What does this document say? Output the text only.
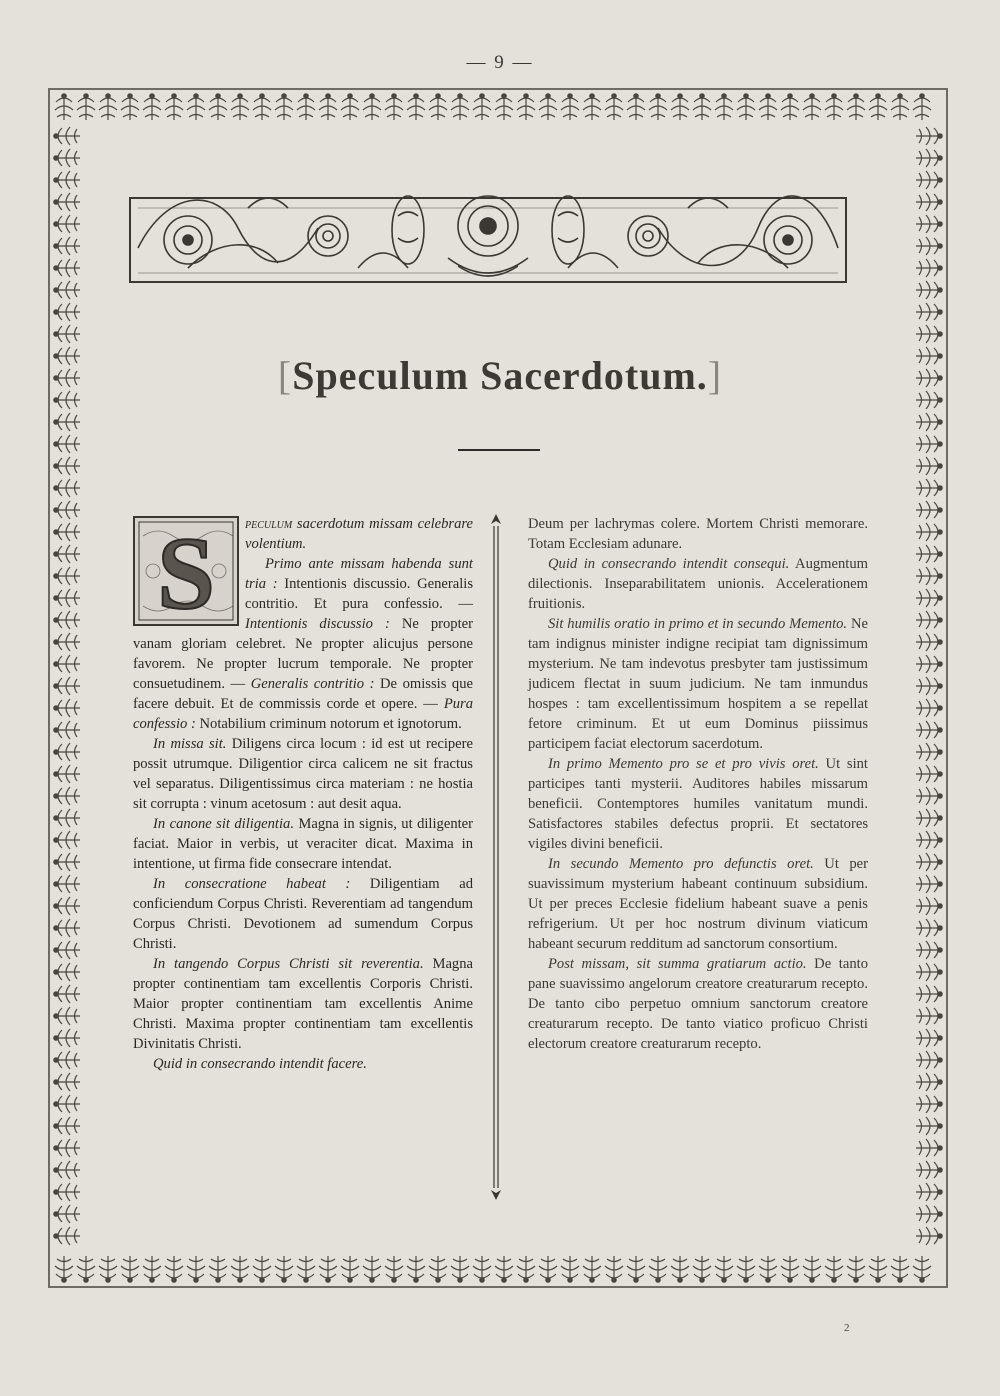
— 9 —
[Speculum Sacerdotum.]
S	peculum sacerdotum missam celebrare volentium.

Primo ante missam habenda sunt tria : Intentionis discussio. Generalis contritio. Et pura confessio. — Intentionis discussio : Ne propter vanam gloriam celebret. Ne propter alicujus persone favorem. Ne propter lucrum temporale. Ne propter consuetudinem. — Generalis contritio : De omissis que facere debuit. Et de commissis corde et opere. — Pura confessio : Notabilium criminum notorum et ignotorum.

In missa sit. Diligens circa locum : id est ut recipere possit utrumque. Diligentior circa calicem ne sit fractus vel separatus. Diligentissimus circa materiam : ne hostia sit corrupta : vinum acetosum : aut desit aqua.

In canone sit diligentia. Magna in signis, ut diligenter faciat. Maior in verbis, ut veraciter dicat. Maxima in intentione, ut firma fide consecrare intendat.

In consecratione habeat : Diligentiam ad conficiendum Corpus Christi. Reverentiam ad tangendum Corpus Christi. Devotionem ad sumendum Corpus Christi.

In tangendo Corpus Christi sit reverentia. Magna propter continentiam tam excellentis Corporis Christi. Maior propter continentiam tam excellentis Anime Christi. Maxima propter continentiam tam excellentis Divinitatis Christi.

Quid in consecrando intendit facere.

Deum per lachrymas colere. Mortem Christi memorare. Totam Ecclesiam adunare.

Quid in consecrando intendit consequi. Augmentum dilectionis. Inseparabilitatem unionis. Accelerationem fruitionis.

Sit humilis oratio in primo et in secundo Memento. Ne tam indignus minister indigne recipiat tam dignissimum mysterium. Ne tam indevotus presbyter tam justissimum judicem flectat in suum judicium. Ne tam inmundus hospes : tam excellentissimum hospitem a se repellat fetore criminum. Et ut eum Dominus piissimus participem faciat electorum sacerdotum.

In primo Memento pro se et pro vivis oret. Ut sint participes tanti mysterii. Auditores habiles missarum beneficii. Contemptores humiles vanitatum mundi. Satisfactores stabiles defectus proprii. Et sectatores vigiles divini beneficii.

In secundo Memento pro defunctis oret. Ut per suavissimum mysterium habeant continuum subsidium. Ut per preces Ecclesie fidelium habeant suave a penis refrigerium. Ut per hoc nostrum divinum viaticum habeant securum redditum ad sanctorum consortium.

Post missam, sit summa gratiarum actio. De tanto pane suavissimo angelorum creatore creaturarum recepto. De tanto cibo perpetuo omnium sanctorum creatore creaturarum recepto. De tanto viatico proficuo Christi electorum creatore creaturarum recepto.

2
